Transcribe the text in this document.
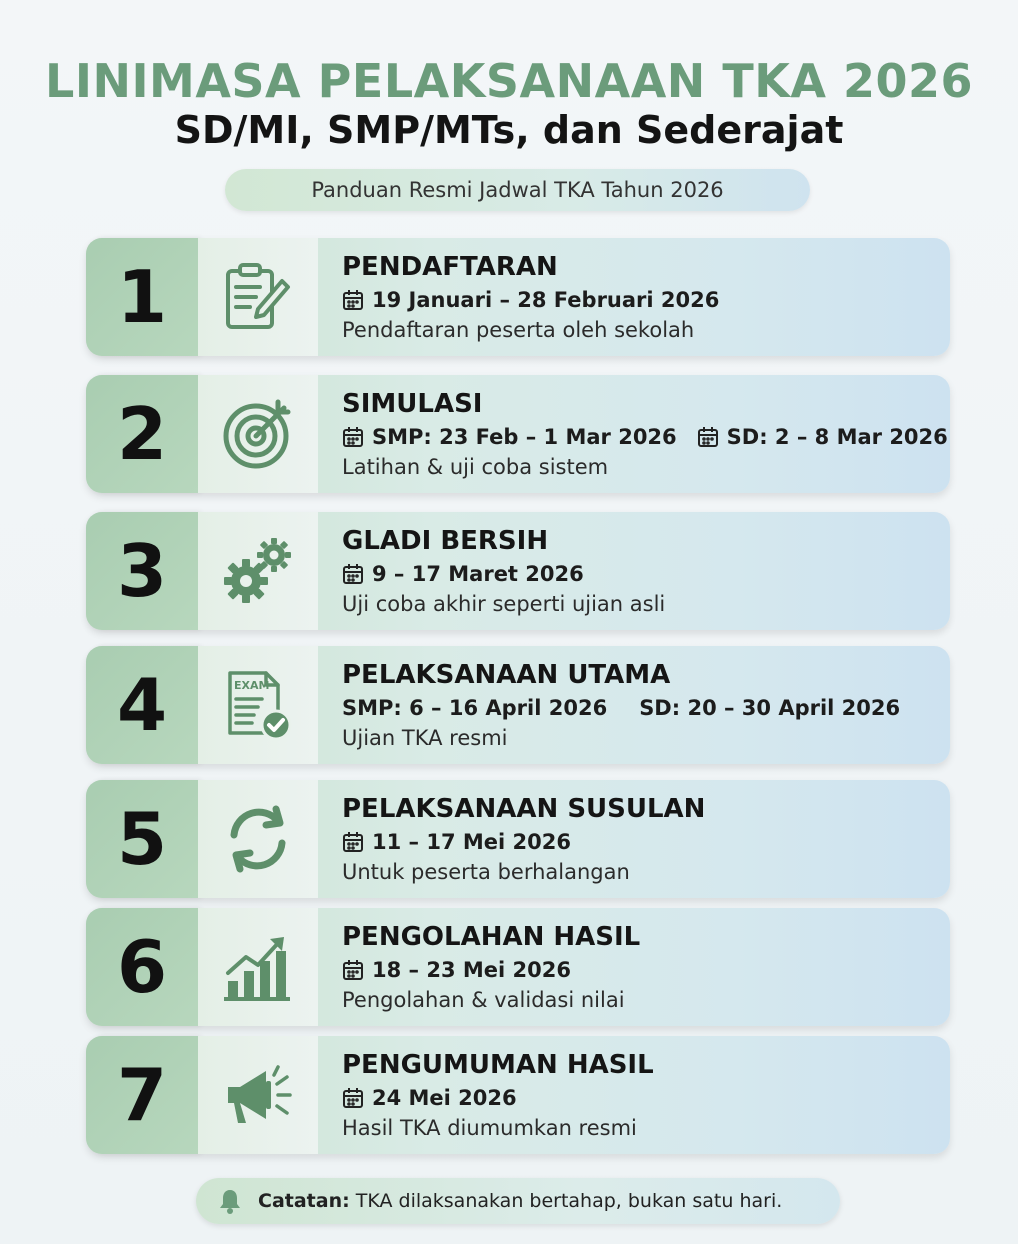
LINIMASA PELAKSANAAN TKA 2026
SD/MI, SMP/MTs, dan Sederajat
Panduan Resmi Jadwal TKA Tahun 2026
1	PENDAFTARAN
19 Januari – 28 Februari 2026
Pendaftaran peserta oleh sekolah
2	SIMULASI
SMP: 23 Feb – 1 Mar 2026 SD: 2 – 8 Mar 2026
Latihan & uji coba sistem
3	GLADI BERSIH
9 – 17 Maret 2026
Uji coba akhir seperti ujian asli
4	EXAM	PELAKSANAAN UTAMA
SMP: 6 – 16 April 2026 SD: 20 – 30 April 2026
Ujian TKA resmi
5	PELAKSANAAN SUSULAN
11 – 17 Mei 2026
Untuk peserta berhalangan
6	PENGOLAHAN HASIL
18 – 23 Mei 2026
Pengolahan & validasi nilai
7	PENGUMUMAN HASIL
24 Mei 2026
Hasil TKA diumumkan resmi
Catatan: TKA dilaksanakan bertahap, bukan satu hari.
